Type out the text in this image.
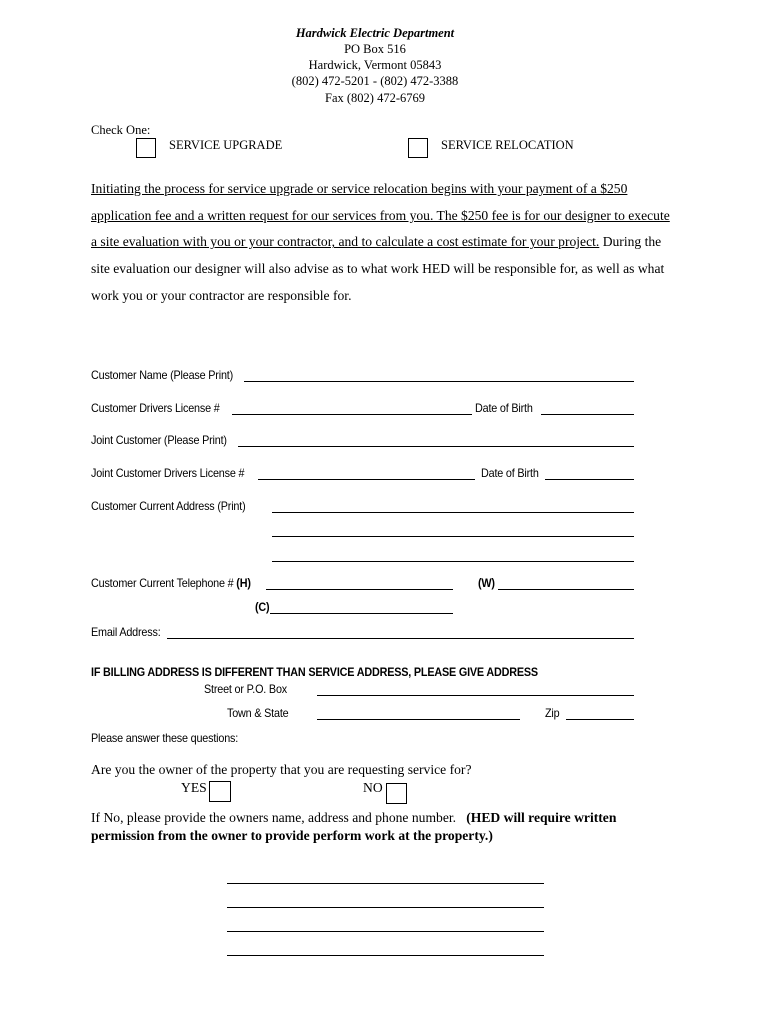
Hardwick Electric Department
PO Box 516
Hardwick, Vermont 05843
(802) 472-5201 - (802) 472-3388
Fax (802) 472-6769
Check One:
SERVICE UPGRADE	SERVICE RELOCATION
Initiating the process for service upgrade or service relocation begins with your payment of a $250 application fee and a written request for our services from you. The $250 fee is for our designer to execute a site evaluation with you or your contractor, and to calculate a cost estimate for your project. During the site evaluation our designer will also advise as to what work HED will be responsible for, as well as what work you or your contractor are responsible for.
Customer Name (Please Print)
Customer Drivers License #	Date of Birth
Joint Customer (Please Print)
Joint Customer Drivers License #	Date of Birth
Customer Current Address (Print)
Customer Current Telephone # (H)	(W)
(C)
Email Address:
IF BILLING ADDRESS IS DIFFERENT THAN SERVICE ADDRESS, PLEASE GIVE ADDRESS
Street or P.O. Box
Town & State	Zip
Please answer these questions:
Are you the owner of the property that you are requesting service for?
YES	NO
If No, please provide the owners name, address and phone number. (HED will require written permission from the owner to provide perform work at the property.)
